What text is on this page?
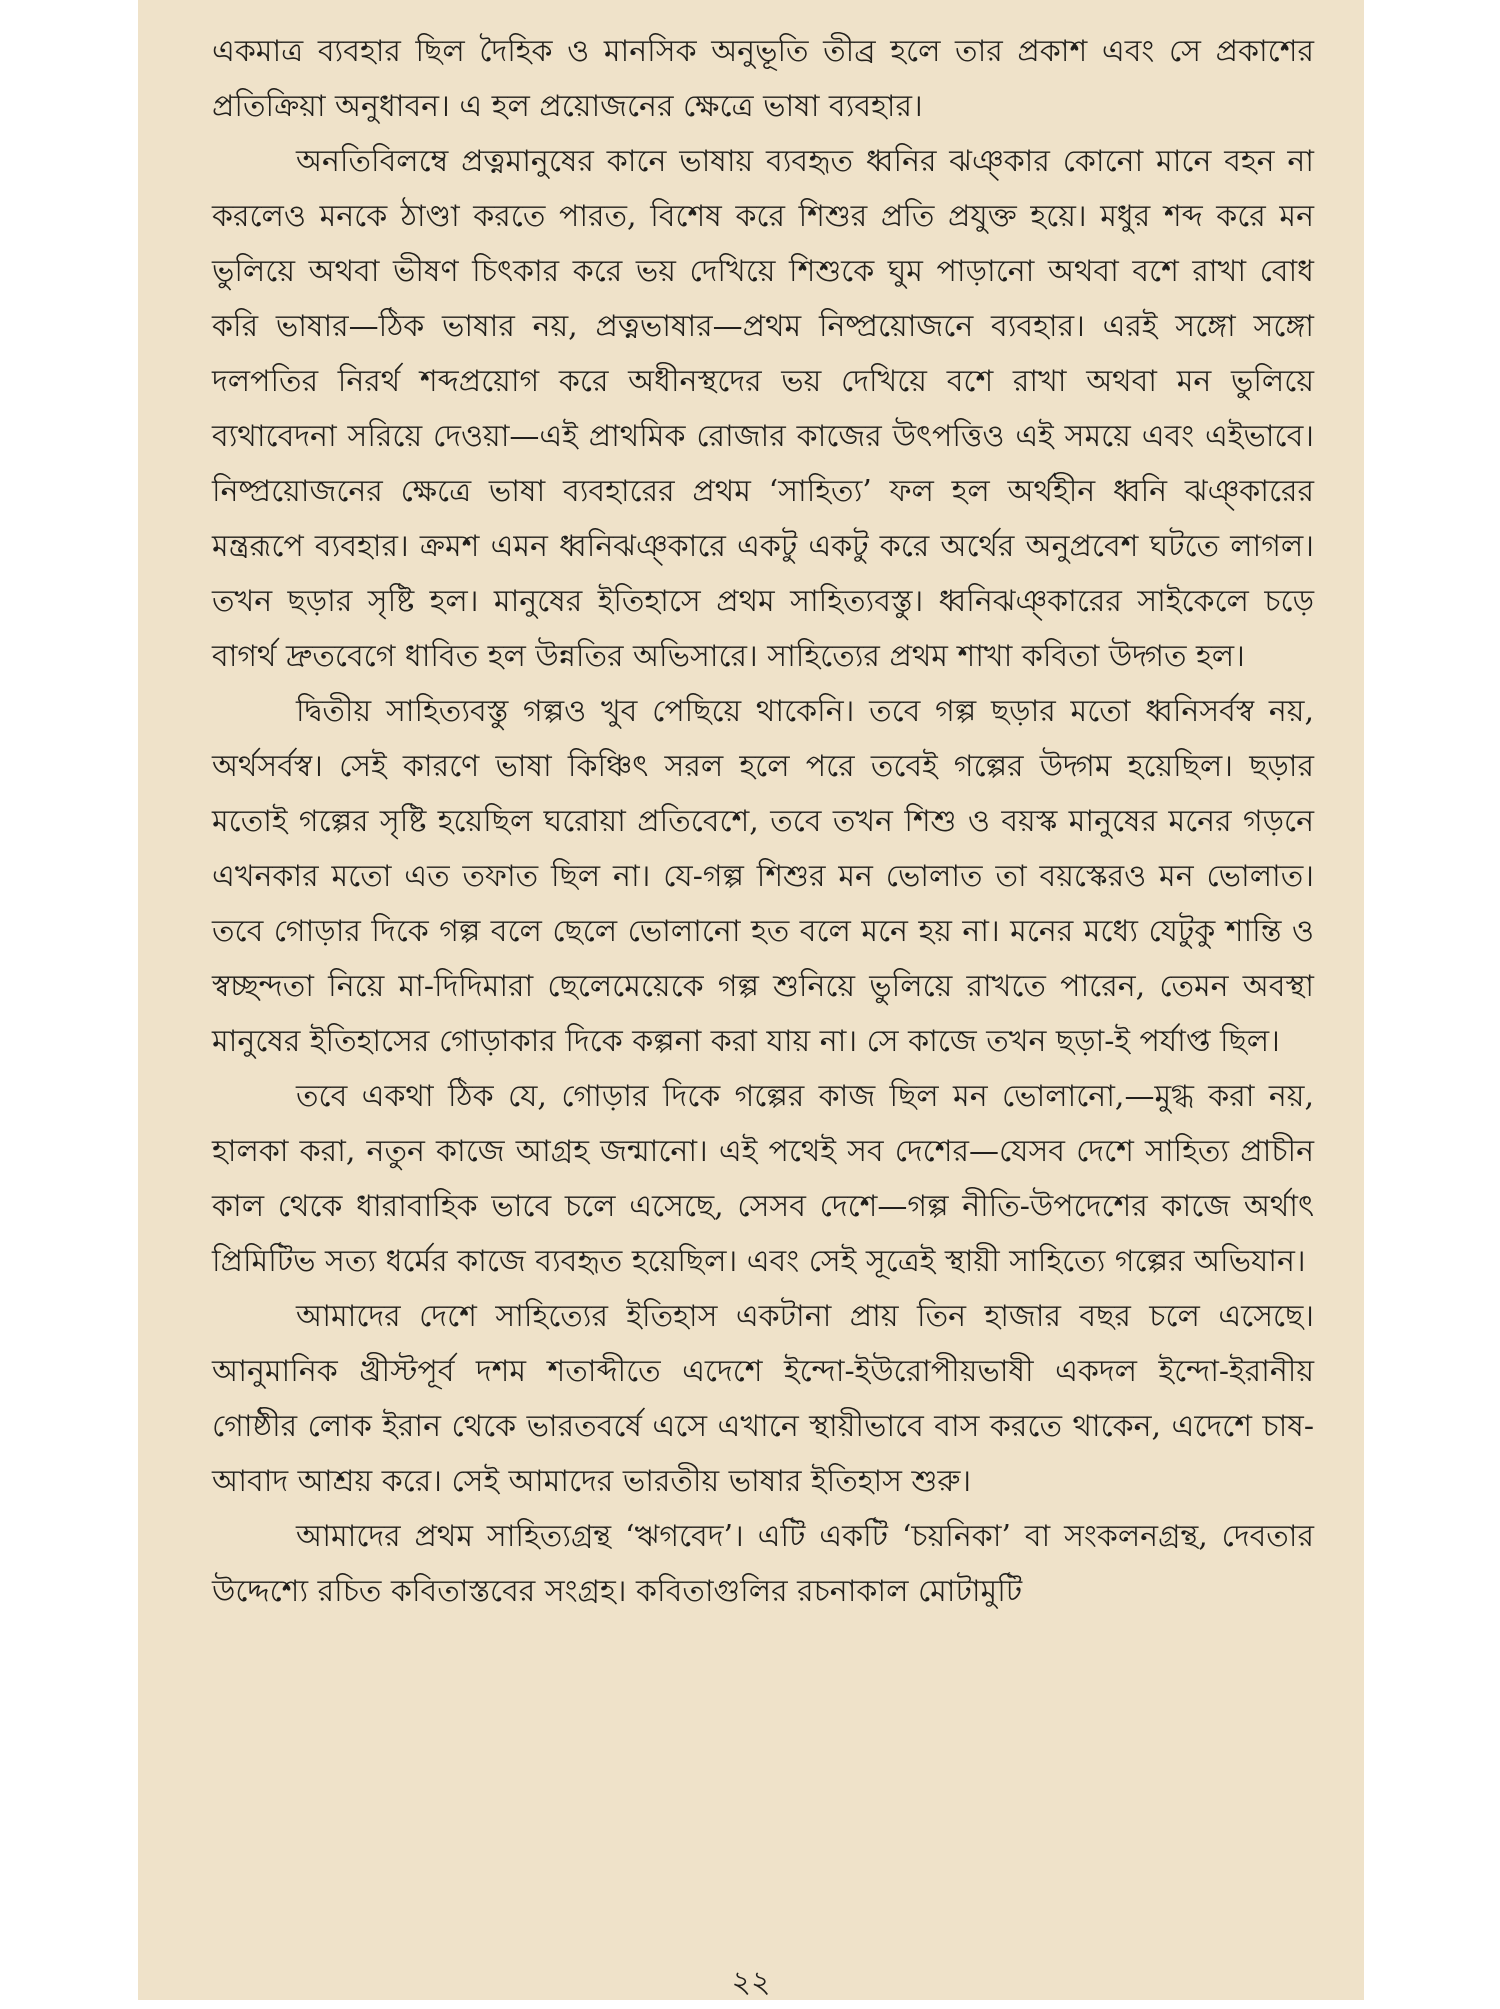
একমাত্র ব্যবহার ছিল দৈহিক ও মানসিক অনুভূতি তীব্র হলে তার প্রকাশ এবং সে প্রকাশের প্রতিক্রিয়া অনুধাবন। এ হল প্রয়োজনের ক্ষেত্রে ভাষা ব্যবহার।

অনতিবিলম্বে প্রত্নমানুষের কানে ভাষায় ব্যবহৃত ধ্বনির ঝঞ্কার কোনো মানে বহন না করলেও মনকে ঠাণ্ডা করতে পারত, বিশেষ করে শিশুর প্রতি প্রযুক্ত হয়ে। মধুর শব্দ করে মন ভুলিয়ে অথবা ভীষণ চিৎকার করে ভয় দেখিয়ে শিশুকে ঘুম পাড়ানো অথবা বশে রাখা বোধ করি ভাষার—ঠিক ভাষার নয়, প্রত্নভাষার—প্রথম নিষ্প্রয়োজনে ব্যবহার। এরই সঙ্গো সঙ্গো দলপতির নিরর্থ শব্দপ্রয়োগ করে অধীনস্থদের ভয় দেখিয়ে বশে রাখা অথবা মন ভুলিয়ে ব্যথাবেদনা সরিয়ে দেওয়া—এই প্রাথমিক রোজার কাজের উৎপত্তিও এই সময়ে এবং এইভাবে। নিষ্প্রয়োজনের ক্ষেত্রে ভাষা ব্যবহারের প্রথম ‘সাহিত্য’ ফল হল অর্থহীন ধ্বনি ঝঞ্কারের মন্ত্ররূপে ব্যবহার। ক্রমশ এমন ধ্বনিঝঞ্কারে একটু একটু করে অর্থের অনুপ্রবেশ ঘটতে লাগল। তখন ছড়ার সৃষ্টি হল। মানুষের ইতিহাসে প্রথম সাহিত্যবস্তু। ধ্বনিঝঞ্কারের সাইকেলে চড়ে বাগর্থ দ্রুতবেগে ধাবিত হল উন্নতির অভিসারে। সাহিত্যের প্রথম শাখা কবিতা উদ্গত হল।

দ্বিতীয় সাহিত্যবস্তু গল্পও খুব পেছিয়ে থাকেনি। তবে গল্প ছড়ার মতো ধ্বনিসর্বস্ব নয়, অর্থসর্বস্ব। সেই কারণে ভাষা কিঞ্চিৎ সরল হলে পরে তবেই গল্পের উদ্গম হয়েছিল। ছড়ার মতোই গল্পের সৃষ্টি হয়েছিল ঘরোয়া প্রতিবেশে, তবে তখন শিশু ও বয়স্ক মানুষের মনের গড়নে এখনকার মতো এত তফাত ছিল না। যে-গল্প শিশুর মন ভোলাত তা বয়স্কেরও মন ভোলাত। তবে গোড়ার দিকে গল্প বলে ছেলে ভোলানো হত বলে মনে হয় না। মনের মধ্যে যেটুকু শান্তি ও স্বচ্ছন্দতা নিয়ে মা-দিদিমারা ছেলেমেয়েকে গল্প শুনিয়ে ভুলিয়ে রাখতে পারেন, তেমন অবস্থা মানুষের ইতিহাসের গোড়াকার দিকে কল্পনা করা যায় না। সে কাজে তখন ছড়া-ই পর্যাপ্ত ছিল।

তবে একথা ঠিক যে, গোড়ার দিকে গল্পের কাজ ছিল মন ভোলানো,—মুগ্ধ করা নয়, হালকা করা, নতুন কাজে আগ্রহ জন্মানো। এই পথেই সব দেশের—যেসব দেশে সাহিত্য প্রাচীন কাল থেকে ধারাবাহিক ভাবে চলে এসেছে, সেসব দেশে—গল্প নীতি-উপদেশের কাজে অর্থাৎ প্রিমিটিভ সত্য ধর্মের কাজে ব্যবহৃত হয়েছিল। এবং সেই সূত্রেই স্থায়ী সাহিত্যে গল্পের অভিযান।

আমাদের দেশে সাহিত্যের ইতিহাস একটানা প্রায় তিন হাজার বছর চলে এসেছে। আনুমানিক খ্রীস্টপূর্ব দশম শতাব্দীতে এদেশে ইন্দো-ইউরোপীয়ভাষী একদল ইন্দো-ইরানীয় গোষ্ঠীর লোক ইরান থেকে ভারতবর্ষে এসে এখানে স্থায়ীভাবে বাস করতে থাকেন, এদেশে চাষ-আবাদ আশ্রয় করে। সেই আমাদের ভারতীয় ভাষার ইতিহাস শুরু।

আমাদের প্রথম সাহিত্যগ্রন্থ ‘ঋগবেদ’। এটি একটি ‘চয়নিকা’ বা সংকলনগ্রন্থ, দেবতার উদ্দেশ্যে রচিত কবিতাস্তবের সংগ্রহ। কবিতাগুলির রচনাকাল মোটামুটি

২২
